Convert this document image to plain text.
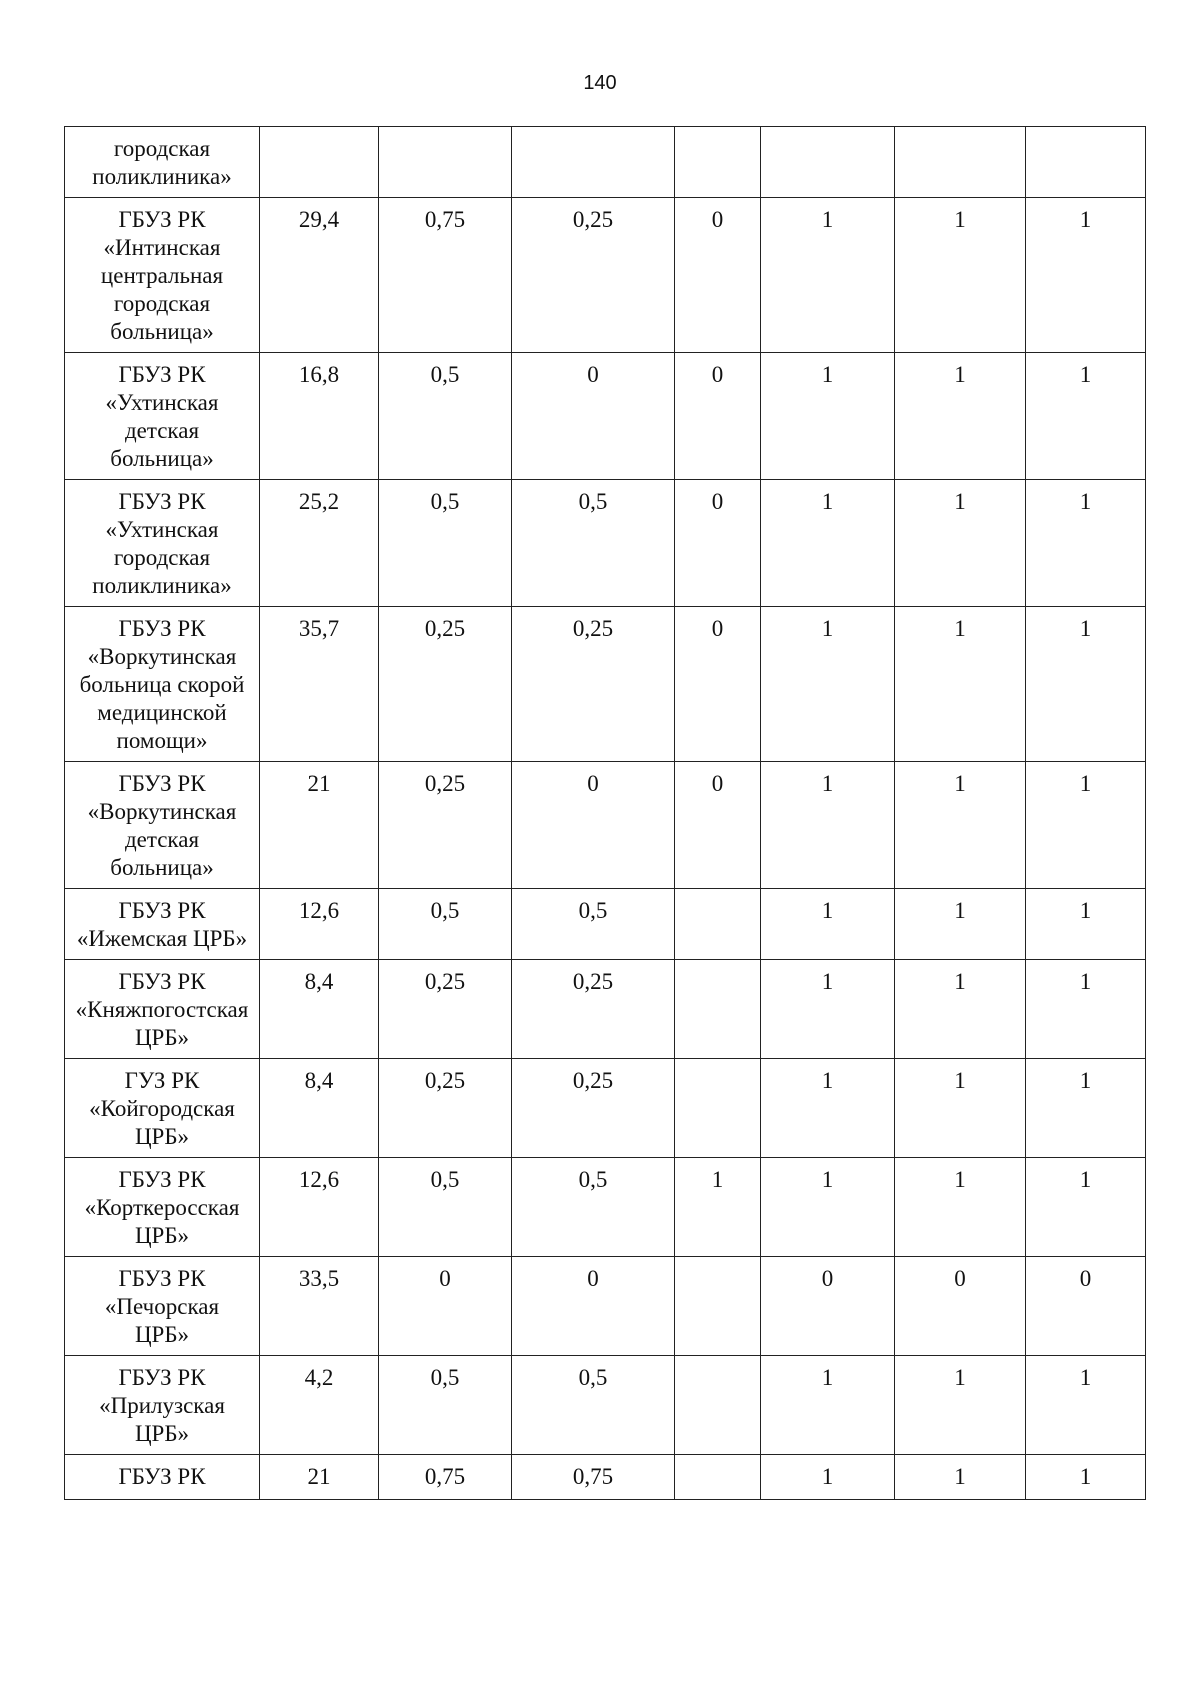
140
городская
поликлиника»							
ГБУЗ РК
«Интинская
центральная
городская
больница»	29,4	0,75	0,25	0	1	1	1
ГБУЗ РК
«Ухтинская
детская
больница»	16,8	0,5	0	0	1	1	1
ГБУЗ РК
«Ухтинская
городская
поликлиника»	25,2	0,5	0,5	0	1	1	1
ГБУЗ РК
«Воркутинская
больница скорой
медицинской
помощи»	35,7	0,25	0,25	0	1	1	1
ГБУЗ РК
«Воркутинская
детская
больница»	21	0,25	0	0	1	1	1
ГБУЗ РК
«Ижемская ЦРБ»	12,6	0,5	0,5		1	1	1
ГБУЗ РК
«Княжпогостская
ЦРБ»	8,4	0,25	0,25		1	1	1
ГУЗ РК
«Койгородская
ЦРБ»	8,4	0,25	0,25		1	1	1
ГБУЗ РК
«Корткеросская
ЦРБ»	12,6	0,5	0,5	1	1	1	1
ГБУЗ РК
«Печорская
ЦРБ»	33,5	0	0		0	0	0
ГБУЗ РК
«Прилузская
ЦРБ»	4,2	0,5	0,5		1	1	1
ГБУЗ РК	21	0,75	0,75		1	1	1
